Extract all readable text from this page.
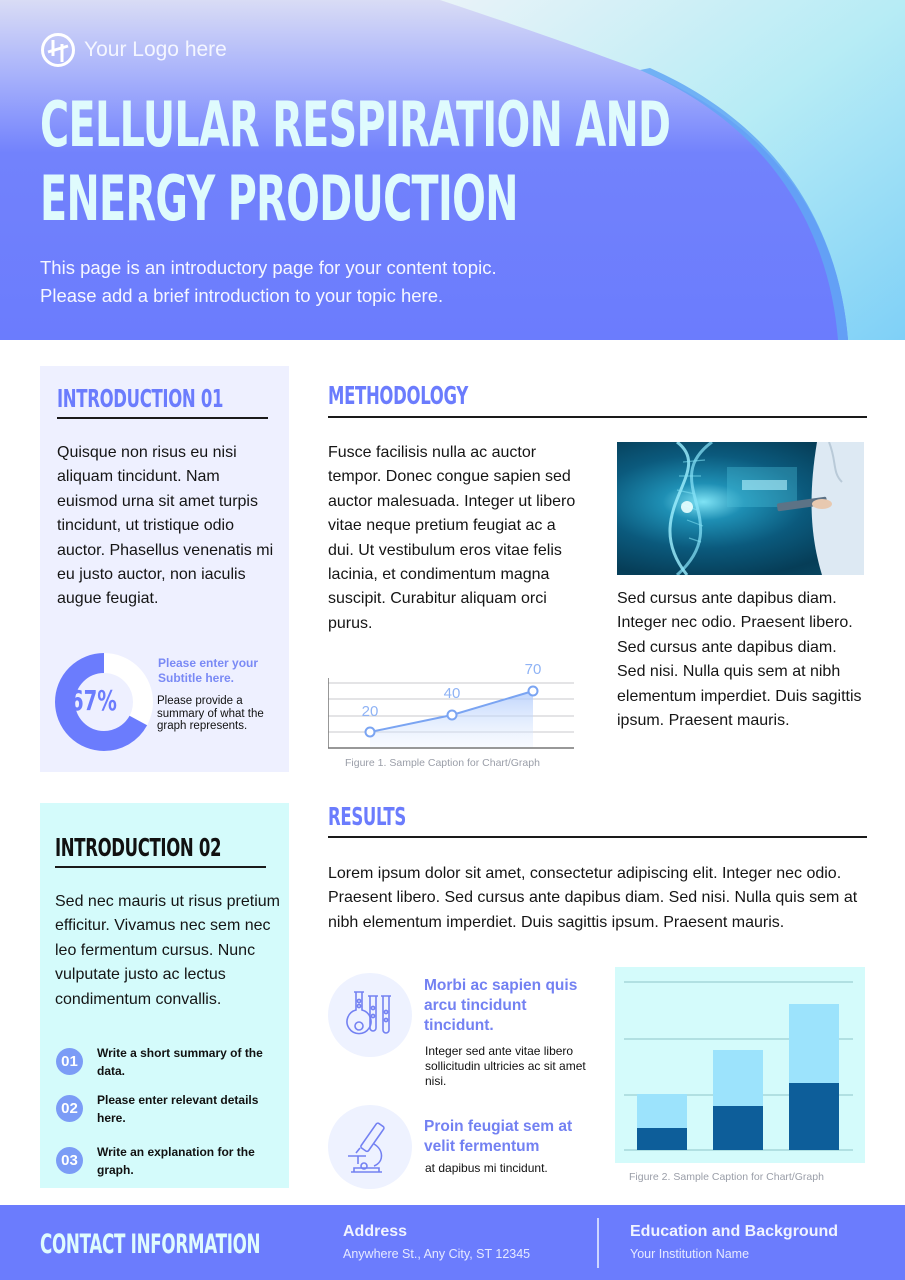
Your Logo here
CELLULAR RESPIRATION AND
ENERGY PRODUCTION
This page is an introductory page for your content topic.
Please add a brief introduction to your topic here.
INTRODUCTION 01
Quisque non risus eu nisi aliquam tincidunt. Nam euismod urna sit amet turpis tincidunt, ut tristique odio auctor. Phasellus venenatis mi eu justo auctor, non iaculis augue feugiat.
67%
Please enter your Subtitle here.
Please provide a summary of what the graph represents.
METHODOLOGY
Fusce facilisis nulla ac auctor tempor. Donec congue sapien sed auctor malesuada. Integer ut libero vitae neque pretium feugiat ac a dui. Ut vestibulum eros vitae felis lacinia, et condimentum magna suscipit. Curabitur aliquam orci purus.
Sed cursus ante dapibus diam. Integer nec odio. Praesent libero. Sed cursus ante dapibus diam. Sed nisi. Nulla quis sem at nibh elementum imperdiet. Duis sagittis ipsum. Praesent mauris.
20
40
70
Figure 1. Sample Caption for Chart/Graph
INTRODUCTION 02
Sed nec mauris ut risus pretium efficitur. Vivamus nec sem nec leo fermentum cursus. Nunc vulputate justo ac lectus condimentum convallis.
01	Write a short summary of the data.
02	Please enter relevant details here.
03	Write an explanation for the graph.
RESULTS
Lorem ipsum dolor sit amet, consectetur adipiscing elit. Integer nec odio. Praesent libero. Sed cursus ante dapibus diam. Sed nisi. Nulla quis sem at nibh elementum imperdiet. Duis sagittis ipsum. Praesent mauris.
Morbi ac sapien quis arcu tincidunt tincidunt.
Integer sed ante vitae libero sollicitudin ultricies ac sit amet nisi.
Proin feugiat sem at velit fermentum
at dapibus mi tincidunt.
Figure 2. Sample Caption for Chart/Graph
CONTACT INFORMATION	Address
Anywhere St., Any City, ST 12345
Education and Background
Your Institution Name
